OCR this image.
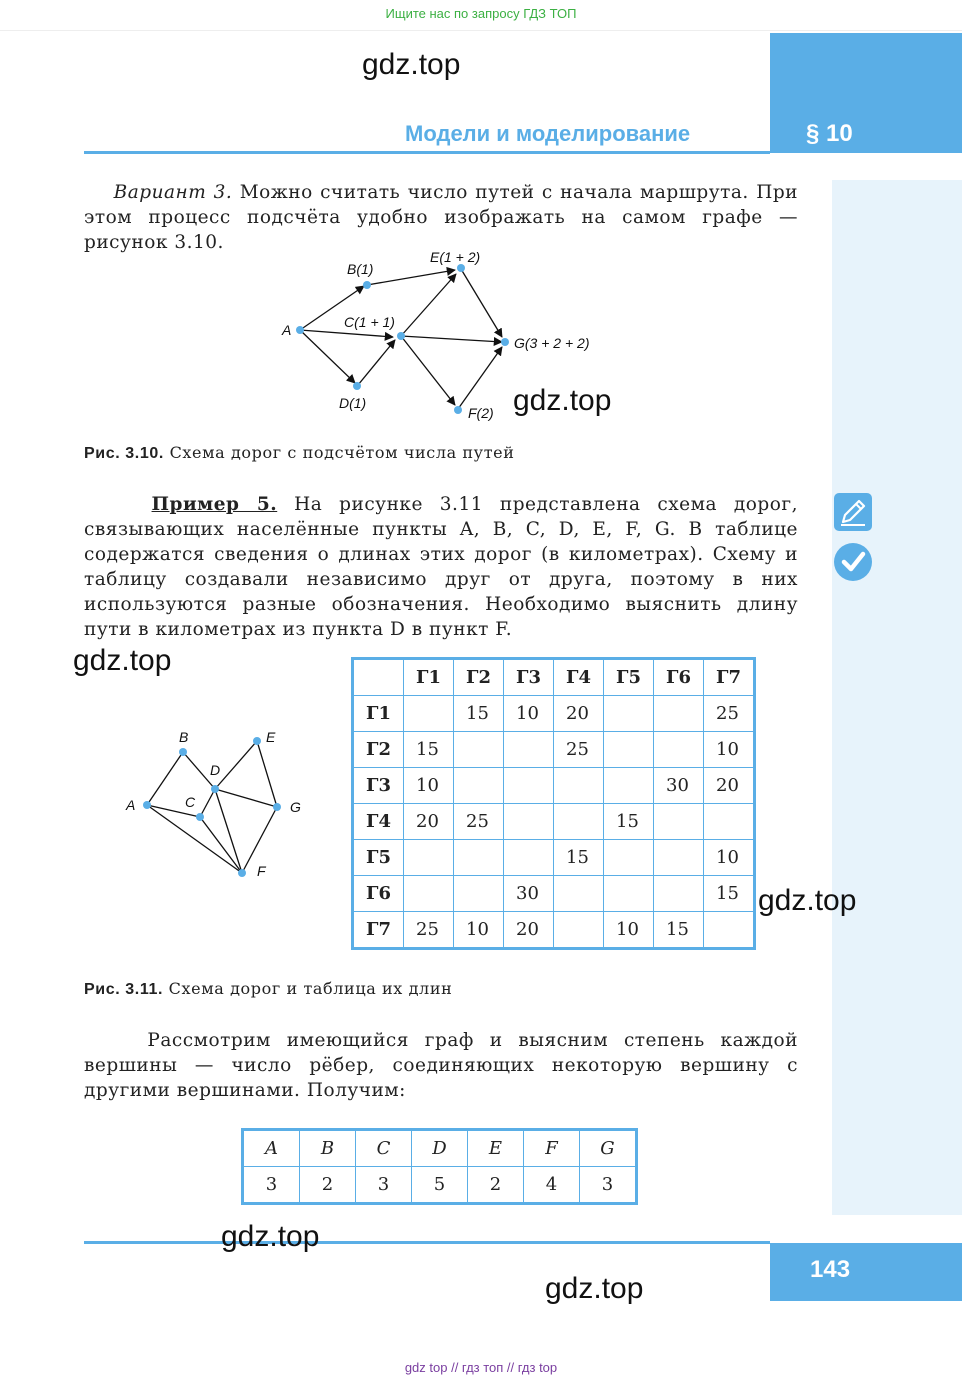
Ищите нас по запросу ГДЗ ТОП
§ 10
Модели и моделирование
gdz.top
Вариант 3. Можно считать число путей с начала маршрута. При этом процесс подсчёта удобно изображать на самом графе — рисунок 3.10.
A
B(1)
C(1 + 1)
D(1)
E(1 + 2)
F(2)
G(3 + 2 + 2)
gdz.top
Рис. 3.10. Схема дорог с подсчётом числа путей
Пример 5. На рисунке 3.11 представлена схема дорог, связывающих населённые пункты A, B, C, D, E, F, G. В таблице содержатся сведения о длинах этих дорог (в километрах). Схему и таблицу создавали независимо друг от друга, поэтому в них используются разные обозначения. Необходимо выяснить длину пути в километрах из пункта D в пункт F.
gdz.top
A
B
C
D
E
F
G
	Г1	Г2	Г3	Г4	Г5	Г6	Г7
Г1		15	10	20			25
Г2	15			25			10
Г3	10					30	20
Г4	20	25			15		
Г5				15			10
Г6			30				15
Г7	25	10	20		10	15	
gdz.top
Рис. 3.11. Схема дорог и таблица их длин
Рассмотрим имеющийся граф и выясним степень каждой вершины — число рёбер, соединяющих некоторую вершину с другими вершинами. Получим:
A	B	C	D	E	F	G
3	2	3	5	2	4	3
gdz.top
143
gdz.top
gdz top // гдз топ // гдз top
